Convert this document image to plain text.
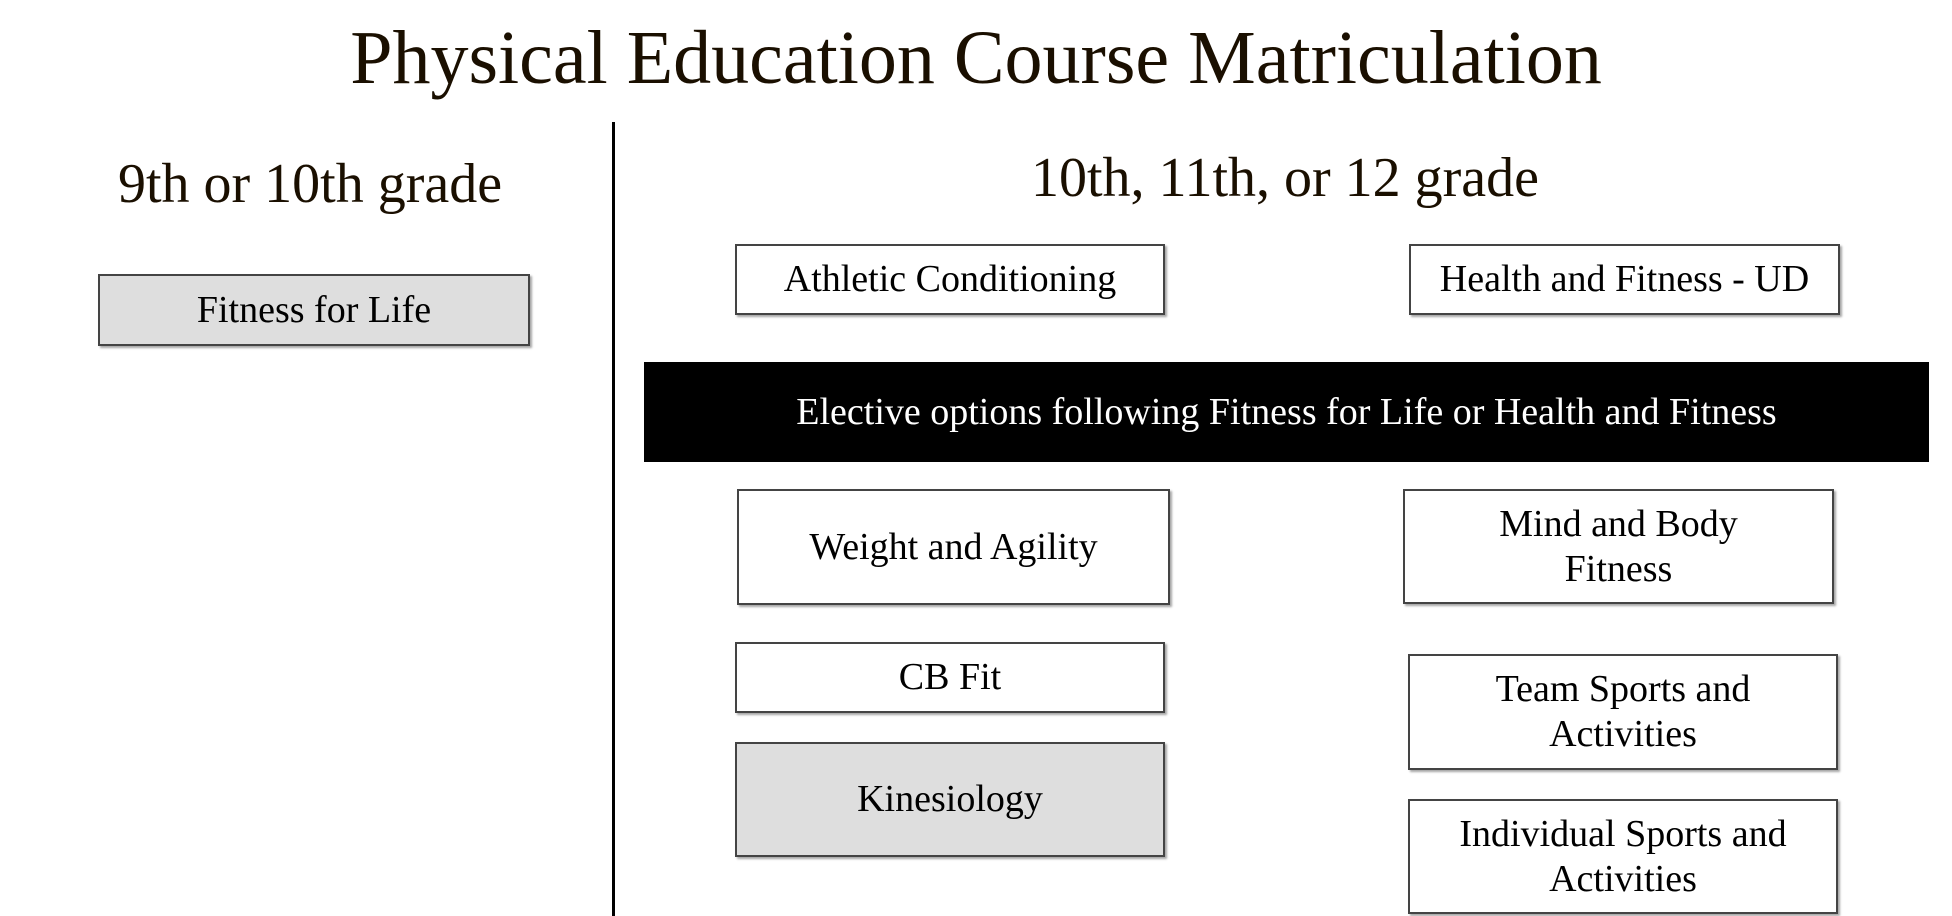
Physical Education Course Matriculation
9th or 10th grade	10th, 11th, or 12 grade
Fitness for Life
Athletic Conditioning	Health and Fitness - UD
Elective options following Fitness for Life or Health and Fitness
Weight and Agility
CB Fit
Kinesiology
Mind and Body Fitness
Team Sports and Activities
Individual Sports and Activities
